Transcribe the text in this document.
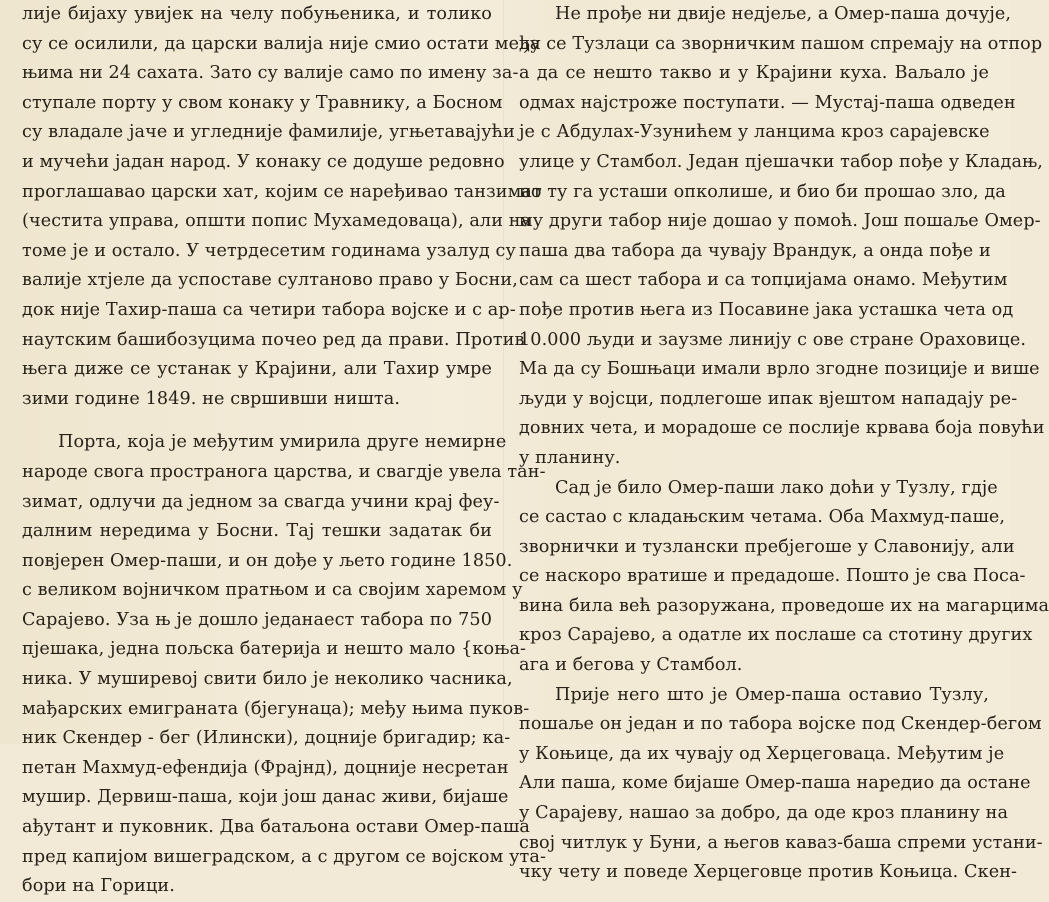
лије бијаху увијек на челу побуњеника, и толико
су се осилили, да царски валија није смио остати међу
њима ни 24 сахата. Зато су валије само по имену за-
ступале порту у свом конаку у Травнику, а Босном
су владале јаче и угледније фамилије, угњетавајући
и мучећи јадан народ. У конаку се додуше редовно
проглашавао царски хат, којим се наређивао танзимат
(честита управа, општи попис Мухамедоваца), али на
томе је и остало. У четрдесетим годинама узалуд су
валије хтјеле да успоставе султаново право у Босни,
док није Тахир-паша са четири табора војске и с ар-
наутским башибозуцима почео ред да прави. Против
њега диже се устанак у Крајини, али Тахир умре
зими године 1849. не свршивши ништа.
Порта, која је међутим умирила друге немирне
народе свога пространога царства, и свагдје увела тан-
зимат, одлучи да једном за свагда учини крај феу-
далним нередима у Босни. Тај тешки задатак би
повјерен Омер-паши, и он дође у љето године 1850.
с великом војничком пратњом и са својим харемом у
Сарајево. Уза њ је дошло једанаест табора по 750
пјешака, једна пољска батерија и нешто мало {коња-
ника. У муширевој свити било је неколико часника,
мађарских емиграната (бјегунаца); међу њима пуков-
ник Скендер - бег (Илински), доцније бригадир; ка-
петан Махмуд-ефендија (Фрајнд), доцније несретан
мушир. Дервиш-паша, који још данас живи, бијаше
ађутант и пуковник. Два батаљона остави Омер-паша
пред капијом вишеградском, а с другом се војском ута-
бори на Горици.
Не прође ни двије недјеље, а Омер-паша дочује,
да се Тузлаци са зворничким пашом спремају на отпор
а да се нешто такво и у Крајини куха. Ваљало је
одмах најстроже поступати. — Мустај-паша одведен
је с Абдулах-Узунићем у ланцима кроз сарајевске
улице у Стамбол. Један пјешачки табор пође у Кладањ,
но ту га усташи опколише, и био би прошао зло, да
му други табор није дошао у помоћ. Још пошаље Омер-
паша два табора да чувају Врандук, а онда пође и
сам са шест табора и са топџијама онамо. Међутим
пође против њега из Посавине јака усташка чета од
10.000 људи и заузме линију с ове стране Ораховице.
Ма да су Бошњаци имали врло згодне позиције и више
људи у војсци, подлегоше ипак вјештом нападају ре-
довних чета, и морадоше се послије крвава боја повући
у планину.
Сад је било Омер-паши лако доћи у Тузлу, гдје
се састао с кладањским четама. Оба Махмуд-паше,
зворнички и тузлански пребјегоше у Славонију, али
се наскоро вратише и предадоше. Пошто је сва Поса-
вина била већ разоружана, проведоше их на магарцима
кроз Сарајево, а одатле их послаше са стотину других
ага и бегова у Стамбол.
Прије него што је Омер-паша оставио Тузлу,
пошаље он један и по табора војске под Скендер-бегом
у Коњице, да их чувају од Херцеговаца. Међутим је
Али паша, коме бијаше Омер-паша наредио да остане
у Сарајеву, нашао за добро, да оде кроз планину на
свој читлук у Буни, а његов кавaз-баша спреми устани-
чку чету и поведе Херцеговце против Коњица. Скен-
